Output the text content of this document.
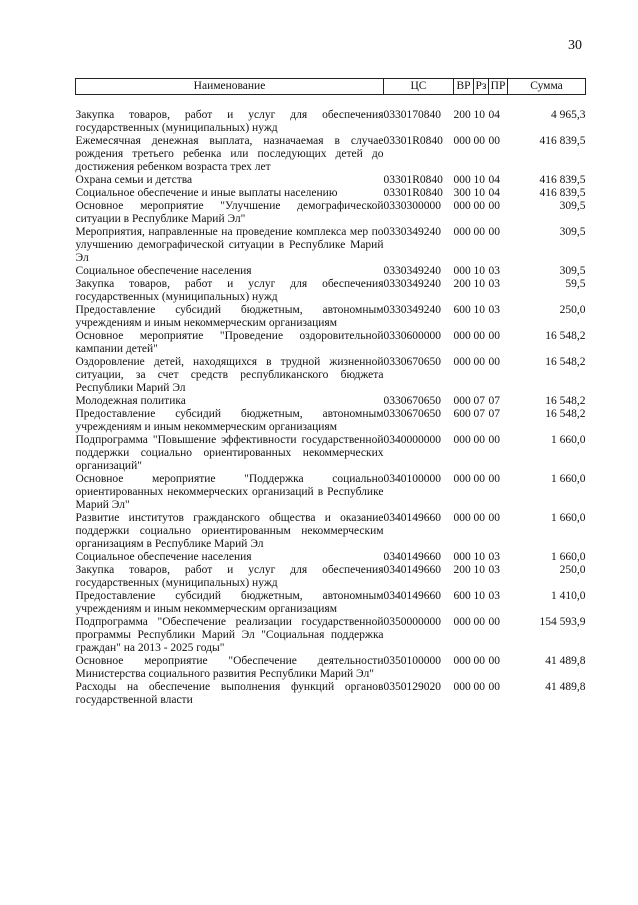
30
Наименование	ЦС	ВР	Рз	ПР	Сумма

Закупка товаров, работ и услуг для обеспечения государственных (муниципальных) нужд	0330170840	200	10	04	4 965,3
Ежемесячная денежная выплата, назначаемая в случае рождения третьего ребенка или последующих детей до достижения ребенком возраста трех лет	03301R0840	000	00	00	416 839,5
Охрана семьи и детства	03301R0840	000	10	04	416 839,5
Социальное обеспечение и иные выплаты населению	03301R0840	300	10	04	416 839,5
Основное мероприятие "Улучшение демографической ситуации в Республике Марий Эл"	0330300000	000	00	00	309,5
Мероприятия, направленные на проведение комплекса мер по улучшению демографической ситуации в Республике Марий Эл	0330349240	000	00	00	309,5
Социальное обеспечение населения	0330349240	000	10	03	309,5
Закупка товаров, работ и услуг для обеспечения государственных (муниципальных) нужд	0330349240	200	10	03	59,5
Предоставление субсидий бюджетным, автономным учреждениям и иным некоммерческим организациям	0330349240	600	10	03	250,0
Основное мероприятие "Проведение оздоровительной кампании детей"	0330600000	000	00	00	16 548,2
Оздоровление детей, находящихся в трудной жизненной ситуации, за счет средств республиканского бюджета Республики Марий Эл	0330670650	000	00	00	16 548,2
Молодежная политика	0330670650	000	07	07	16 548,2
Предоставление субсидий бюджетным, автономным учреждениям и иным некоммерческим организациям	0330670650	600	07	07	16 548,2
Подпрограмма "Повышение эффективности государственной поддержки социально ориентированных некоммерческих организаций"	0340000000	000	00	00	1 660,0
Основное мероприятие "Поддержка социально ориентированных некоммерческих организаций в Республике Марий Эл"	0340100000	000	00	00	1 660,0
Развитие институтов гражданского общества и оказание поддержки социально ориентированным некоммерческим организациям в Республике Марий Эл	0340149660	000	00	00	1 660,0
Социальное обеспечение населения	0340149660	000	10	03	1 660,0
Закупка товаров, работ и услуг для обеспечения государственных (муниципальных) нужд	0340149660	200	10	03	250,0
Предоставление субсидий бюджетным, автономным учреждениям и иным некоммерческим организациям	0340149660	600	10	03	1 410,0
Подпрограмма "Обеспечение реализации государственной программы Республики Марий Эл "Социальная поддержка граждан" на 2013 - 2025 годы"	0350000000	000	00	00	154 593,9
Основное мероприятие "Обеспечение деятельности Министерства социального развития Республики Марий Эл"	0350100000	000	00	00	41 489,8
Расходы на обеспечение выполнения функций органов государственной власти	0350129020	000	00	00	41 489,8
